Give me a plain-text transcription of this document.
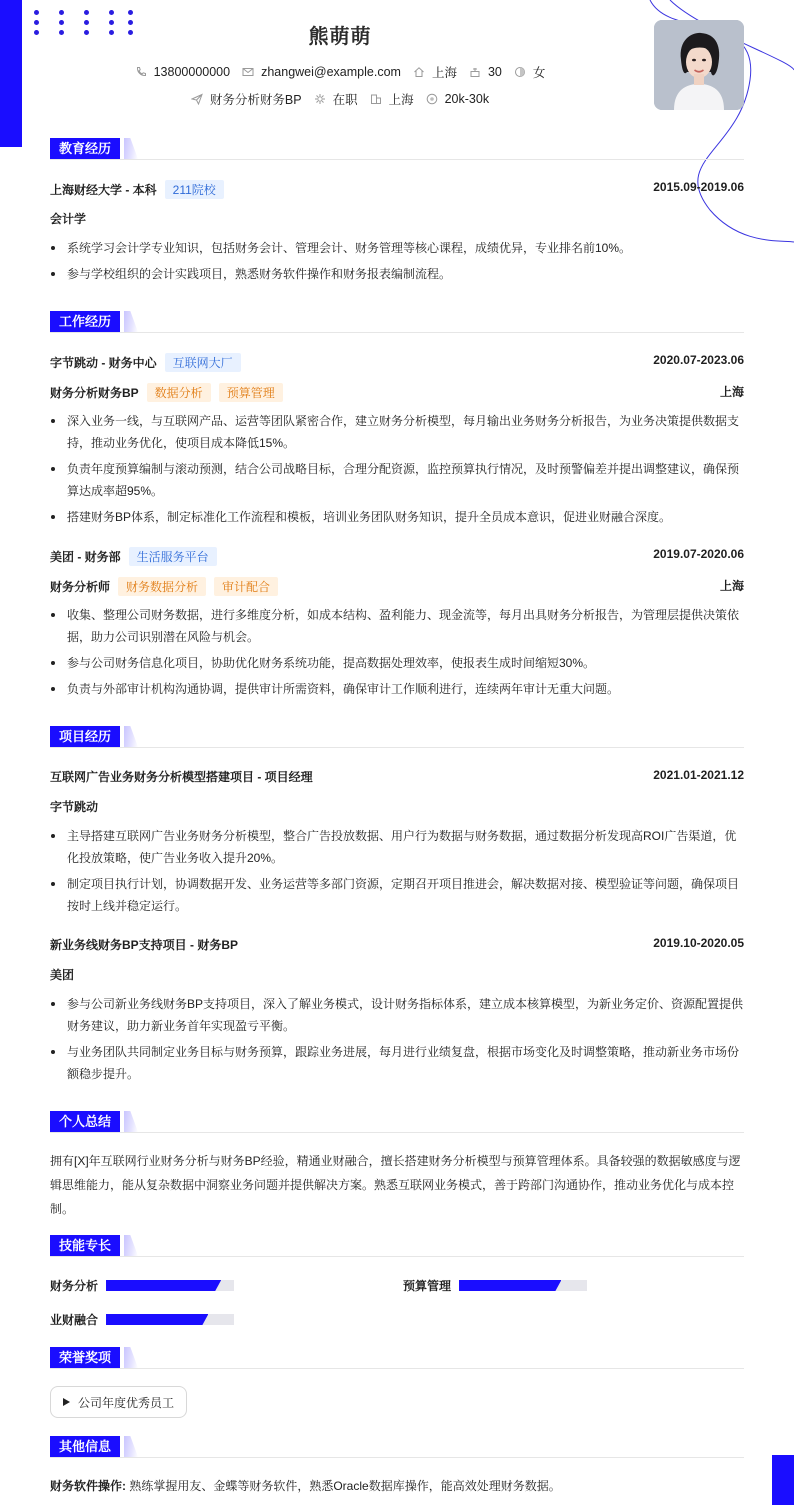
熊萌萌
13800000000 zhangwei@example.com 上海 30 女
财务分析财务BP 在职 上海 20k-30k
教育经历
上海财经大学 - 本科	211院校	2015.09-2019.06
会计学
系统学习会计学专业知识，包括财务会计、管理会计、财务管理等核心课程，成绩优异，专业排名前10%。
参与学校组织的会计实践项目，熟悉财务软件操作和财务报表编制流程。
工作经历
字节跳动 - 财务中心	互联网大厂	2020.07-2023.06
财务分析财务BP	数据分析	预算管理	上海
深入业务一线，与互联网产品、运营等团队紧密合作，建立财务分析模型，每月输出业务财务分析报告，为业务决策提供数据支持，推动业务优化，使项目成本降低15%。
负责年度预算编制与滚动预测，结合公司战略目标，合理分配资源，监控预算执行情况，及时预警偏差并提出调整建议，确保预算达成率超95%。
搭建财务BP体系，制定标准化工作流程和模板，培训业务团队财务知识，提升全员成本意识，促进业财融合深度。
美团 - 财务部	生活服务平台	2019.07-2020.06
财务分析师	财务数据分析	审计配合	上海
收集、整理公司财务数据，进行多维度分析，如成本结构、盈利能力、现金流等，每月出具财务分析报告，为管理层提供决策依据，助力公司识别潜在风险与机会。
参与公司财务信息化项目，协助优化财务系统功能，提高数据处理效率，使报表生成时间缩短30%。
负责与外部审计机构沟通协调，提供审计所需资料，确保审计工作顺利进行，连续两年审计无重大问题。
项目经历
互联网广告业务财务分析模型搭建项目 - 项目经理	2021.01-2021.12
字节跳动
主导搭建互联网广告业务财务分析模型，整合广告投放数据、用户行为数据与财务数据，通过数据分析发现高ROI广告渠道，优化投放策略，使广告业务收入提升20%。
制定项目执行计划，协调数据开发、业务运营等多部门资源，定期召开项目推进会，解决数据对接、模型验证等问题，确保项目按时上线并稳定运行。
新业务线财务BP支持项目 - 财务BP	2019.10-2020.05
美团
参与公司新业务线财务BP支持项目，深入了解业务模式，设计财务指标体系，建立成本核算模型，为新业务定价、资源配置提供财务建议，助力新业务首年实现盈亏平衡。
与业务团队共同制定业务目标与财务预算，跟踪业务进展，每月进行业绩复盘，根据市场变化及时调整策略，推动新业务市场份额稳步提升。
个人总结
拥有[X]年互联网行业财务分析与财务BP经验，精通业财融合，擅长搭建财务分析模型与预算管理体系。具备较强的数据敏感度与逻辑思维能力，能从复杂数据中洞察业务问题并提供解决方案。熟悉互联网业务模式，善于跨部门沟通协作，推动业务优化与成本控制。
技能专长
财务分析	预算管理
业财融合
荣誉奖项
公司年度优秀员工
其他信息
财务软件操作: 熟练掌握用友、金蝶等财务软件，熟悉Oracle数据库操作，能高效处理财务数据。
